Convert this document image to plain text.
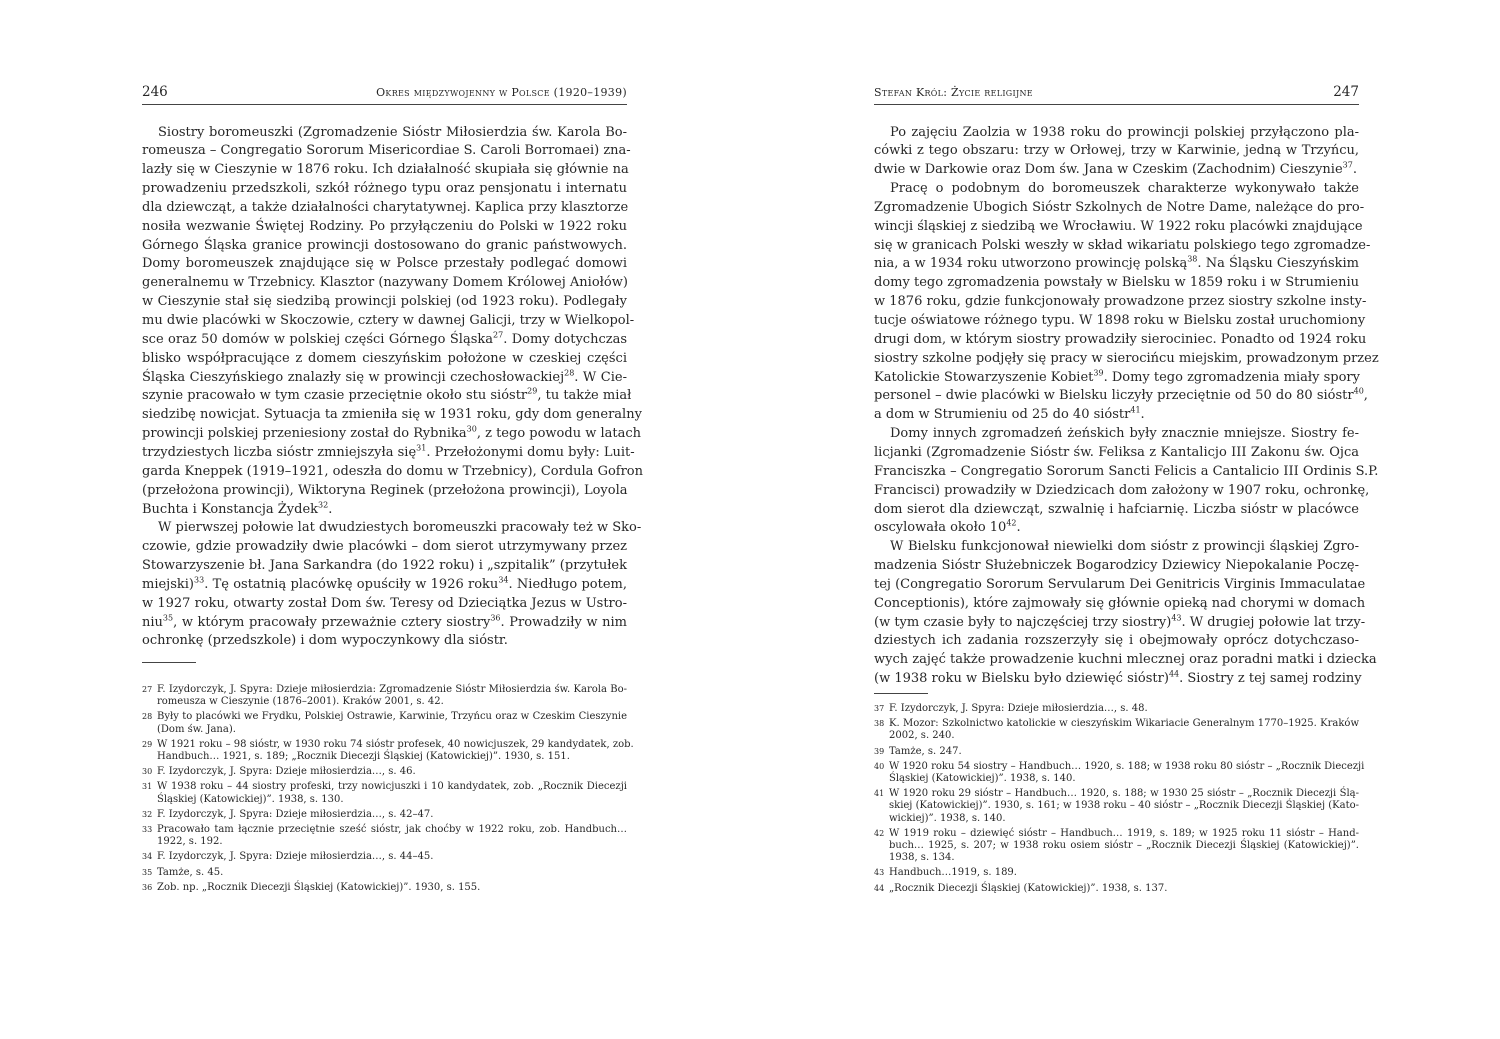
246	Okres międzywojenny w Polsce (1920–1939)
Siostry boromeuszki (Zgromadzenie Sióstr Miłosierdzia św. Karola Bo-
romeusza – Congregatio Sororum Misericordiae S. Caroli Borromaei) zna-
lazły się w Cieszynie w 1876 roku. Ich działalność skupiała się głównie na
prowadzeniu przedszkoli, szkół różnego typu oraz pensjonatu i internatu
dla dziewcząt, a także działalności charytatywnej. Kaplica przy klasztorze
nosiła wezwanie Świętej Rodziny. Po przyłączeniu do Polski w 1922 roku
Górnego Śląska granice prowincji dostosowano do granic państwowych.
Domy boromeuszek znajdujące się w Polsce przestały podlegać domowi
generalnemu w Trzebnicy. Klasztor (nazywany Domem Królowej Aniołów)
w Cieszynie stał się siedzibą prowincji polskiej (od 1923 roku). Podlegały
mu dwie placówki w Skoczowie, cztery w dawnej Galicji, trzy w Wielkopol-
sce oraz 50 domów w polskiej części Górnego Śląska$^{27}$. Domy dotychczas
blisko współpracujące z domem cieszyńskim położone w czeskiej części
Śląska Cieszyńskiego znalazły się w prowincji czechosłowackiej$^{28}$. W Cie-
szynie pracowało w tym czasie przeciętnie około stu sióstr$^{29}$, tu także miał
siedzibę nowicjat. Sytuacja ta zmieniła się w 1931 roku, gdy dom generalny
prowincji polskiej przeniesiony został do Rybnika$^{30}$, z tego powodu w latach
trzydziestych liczba sióstr zmniejszyła się$^{31}$. Przełożonymi domu były: Luit-
garda Kneppek (1919–1921, odeszła do domu w Trzebnicy), Cordula Gofron
(przełożona prowincji), Wiktoryna Reginek (przełożona prowincji), Loyola
Buchta i Konstancja Żydek$^{32}$.
W pierwszej połowie lat dwudziestych boromeuszki pracowały też w Sko-
czowie, gdzie prowadziły dwie placówki – dom sierot utrzymywany przez
Stowarzyszenie bł. Jana Sarkandra (do 1922 roku) i „szpitalik” (przytułek
miejski)$^{33}$. Tę ostatnią placówkę opuściły w 1926 roku$^{34}$. Niedługo potem,
w 1927 roku, otwarty został Dom św. Teresy od Dzieciątka Jezus w Ustro-
niu$^{35}$, w którym pracowały przeważnie cztery siostry$^{36}$. Prowadziły w nim
ochronkę (przedszkole) i dom wypoczynkowy dla sióstr.
27 F. Izydorczyk, J. Spyra: Dzieje miłosierdzia: Zgromadzenie Sióstr Miłosierdzia św. Karola Bo-
romeusza w Cieszynie (1876–2001). Kraków 2001, s. 42.
28 Były to placówki we Frydku, Polskiej Ostrawie, Karwinie, Trzyńcu oraz w Czeskim Cieszynie
(Dom św. Jana).
29 W 1921 roku – 98 sióstr, w 1930 roku 74 sióstr profesek, 40 nowicjuszek, 29 kandydatek, zob.
Handbuch… 1921, s. 189; „Rocznik Diecezji Śląskiej (Katowickiej)”. 1930, s. 151.
30 F. Izydorczyk, J. Spyra: Dzieje miłosierdzia…, s. 46.
31 W 1938 roku – 44 siostry profeski, trzy nowicjuszki i 10 kandydatek, zob. „Rocznik Diecezji
Śląskiej (Katowickiej)”. 1938, s. 130.
32 F. Izydorczyk, J. Spyra: Dzieje miłosierdzia…, s. 42–47.
33 Pracowało tam łącznie przeciętnie sześć sióstr, jak choćby w 1922 roku, zob. Handbuch…
1922, s. 192.
34 F. Izydorczyk, J. Spyra: Dzieje miłosierdzia…, s. 44–45.
35 Tamże, s. 45.
36 Zob. np. „Rocznik Diecezji Śląskiej (Katowickiej)”. 1930, s. 155.
Stefan Król: Życie religijne	247
Po zajęciu Zaolzia w 1938 roku do prowincji polskiej przyłączono pla-
cówki z tego obszaru: trzy w Orłowej, trzy w Karwinie, jedną w Trzyńcu,
dwie w Darkowie oraz Dom św. Jana w Czeskim (Zachodnim) Cieszynie$^{37}$.
Pracę o podobnym do boromeuszek charakterze wykonywało także
Zgromadzenie Ubogich Sióstr Szkolnych de Notre Dame, należące do pro-
wincji śląskiej z siedzibą we Wrocławiu. W 1922 roku placówki znajdujące
się w granicach Polski weszły w skład wikariatu polskiego tego zgromadze-
nia, a w 1934 roku utworzono prowincję polską$^{38}$. Na Śląsku Cieszyńskim
domy tego zgromadzenia powstały w Bielsku w 1859 roku i w Strumieniu
w 1876 roku, gdzie funkcjonowały prowadzone przez siostry szkolne insty-
tucje oświatowe różnego typu. W 1898 roku w Bielsku został uruchomiony
drugi dom, w którym siostry prowadziły sierociniec. Ponadto od 1924 roku
siostry szkolne podjęły się pracy w sierocińcu miejskim, prowadzonym przez
Katolickie Stowarzyszenie Kobiet$^{39}$. Domy tego zgromadzenia miały spory
personel – dwie placówki w Bielsku liczyły przeciętnie od 50 do 80 sióstr$^{40}$,
a dom w Strumieniu od 25 do 40 sióstr$^{41}$.
Domy innych zgromadzeń żeńskich były znacznie mniejsze. Siostry fe-
licjanki (Zgromadzenie Sióstr św. Feliksa z Kantalicjo III Zakonu św. Ojca
Franciszka – Congregatio Sororum Sancti Felicis a Cantalicio III Ordinis S.P.
Francisci) prowadziły w Dziedzicach dom założony w 1907 roku, ochronkę,
dom sierot dla dziewcząt, szwalnię i hafciarnię. Liczba sióstr w placówce
oscylowała około $10^{42}$.
W Bielsku funkcjonował niewielki dom sióstr z prowincji śląskiej Zgro-
madzenia Sióstr Służebniczek Bogarodzicy Dziewicy Niepokalanie Poczę-
tej (Congregatio Sororum Servularum Dei Genitricis Virginis Immaculatae
Conceptionis), które zajmowały się głównie opieką nad chorymi w domach
(w tym czasie były to najczęściej trzy siostry)$^{43}$. W drugiej połowie lat trzy-
dziestych ich zadania rozszerzyły się i obejmowały oprócz dotychczaso-
wych zajęć także prowadzenie kuchni mlecznej oraz poradni matki i dziecka
(w 1938 roku w Bielsku było dziewięć sióstr)$^{44}$. Siostry z tej samej rodziny
37 F. Izydorczyk, J. Spyra: Dzieje miłosierdzia…, s. 48.
38 K. Mozor: Szkolnictwo katolickie w cieszyńskim Wikariacie Generalnym 1770–1925. Kraków
2002, s. 240.
39 Tamże, s. 247.
40 W 1920 roku 54 siostry – Handbuch… 1920, s. 188; w 1938 roku 80 sióstr – „Rocznik Diecezji
Śląskiej (Katowickiej)”. 1938, s. 140.
41 W 1920 roku 29 sióstr – Handbuch… 1920, s. 188; w 1930 25 sióstr – „Rocznik Diecezji Ślą-
skiej (Katowickiej)”. 1930, s. 161; w 1938 roku – 40 sióstr – „Rocznik Diecezji Śląskiej (Kato-
wickiej)”. 1938, s. 140.
42 W 1919 roku – dziewięć sióstr – Handbuch… 1919, s. 189; w 1925 roku 11 sióstr – Hand-
buch… 1925, s. 207; w 1938 roku osiem sióstr – „Rocznik Diecezji Śląskiej (Katowickiej)”.
1938, s. 134.
43 Handbuch…1919, s. 189.
44 „Rocznik Diecezji Śląskiej (Katowickiej)”. 1938, s. 137.
